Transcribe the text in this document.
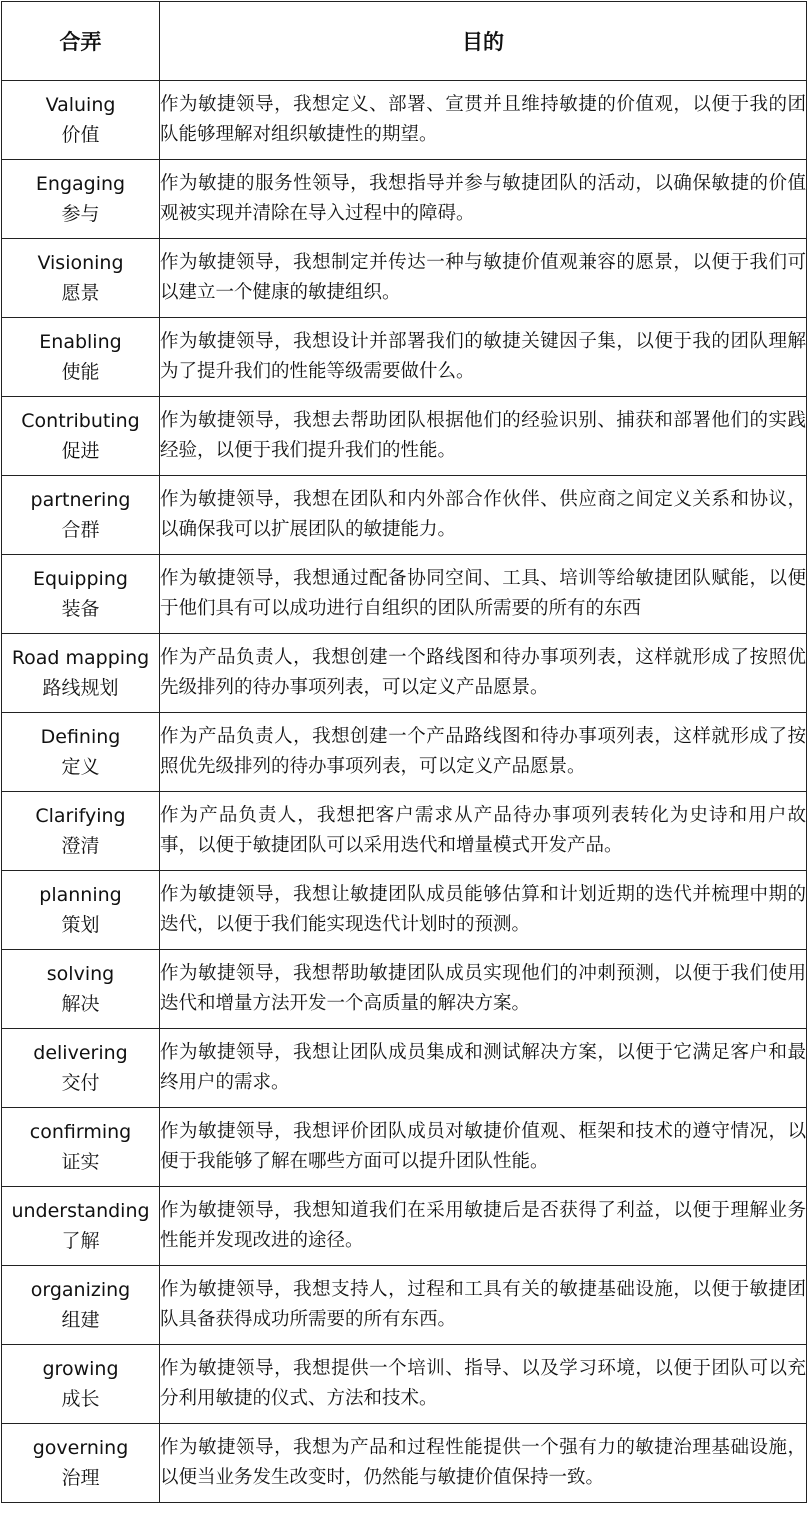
合弄	目的

Valuing
价值	作为敏捷领导，我想定义、部署、宣贯并且维持敏捷的价值观，以便于我的团队能够理解对组织敏捷性的期望。

Engaging
参与	作为敏捷的服务性领导，我想指导并参与敏捷团队的活动，以确保敏捷的价值观被实现并清除在导入过程中的障碍。

Visioning
愿景	作为敏捷领导，我想制定并传达一种与敏捷价值观兼容的愿景，以便于我们可以建立一个健康的敏捷组织。

Enabling
使能	作为敏捷领导，我想设计并部署我们的敏捷关键因子集，以便于我的团队理解为了提升我们的性能等级需要做什么。

Contributing
促进	作为敏捷领导，我想去帮助团队根据他们的经验识别、捕获和部署他们的实践经验，以便于我们提升我们的性能。

partnering
合群	作为敏捷领导，我想在团队和内外部合作伙伴、供应商之间定义关系和协议，以确保我可以扩展团队的敏捷能力。

Equipping
装备	作为敏捷领导，我想通过配备协同空间、工具、培训等给敏捷团队赋能，以便于他们具有可以成功进行自组织的团队所需要的所有的东西

Road mapping
路线规划	作为产品负责人，我想创建一个路线图和待办事项列表，这样就形成了按照优先级排列的待办事项列表，可以定义产品愿景。

Defining
定义	作为产品负责人，我想创建一个产品路线图和待办事项列表，这样就形成了按照优先级排列的待办事项列表，可以定义产品愿景。

Clarifying
澄清	作为产品负责人，我想把客户需求从产品待办事项列表转化为史诗和用户故事，以便于敏捷团队可以采用迭代和增量模式开发产品。

planning
策划	作为敏捷领导，我想让敏捷团队成员能够估算和计划近期的迭代并梳理中期的迭代，以便于我们能实现迭代计划时的预测。

solving
解决	作为敏捷领导，我想帮助敏捷团队成员实现他们的冲刺预测，以便于我们使用迭代和增量方法开发一个高质量的解决方案。

delivering
交付	作为敏捷领导，我想让团队成员集成和测试解决方案，以便于它满足客户和最终用户的需求。

confirming
证实	作为敏捷领导，我想评价团队成员对敏捷价值观、框架和技术的遵守情况，以便于我能够了解在哪些方面可以提升团队性能。

understanding
了解	作为敏捷领导，我想知道我们在采用敏捷后是否获得了利益，以便于理解业务性能并发现改进的途径。

organizing
组建	作为敏捷领导，我想支持人，过程和工具有关的敏捷基础设施，以便于敏捷团队具备获得成功所需要的所有东西。

growing
成长	作为敏捷领导，我想提供一个培训、指导、以及学习环境，以便于团队可以充分利用敏捷的仪式、方法和技术。

governing
治理	作为敏捷领导，我想为产品和过程性能提供一个强有力的敏捷治理基础设施，以便当业务发生改变时，仍然能与敏捷价值保持一致。
